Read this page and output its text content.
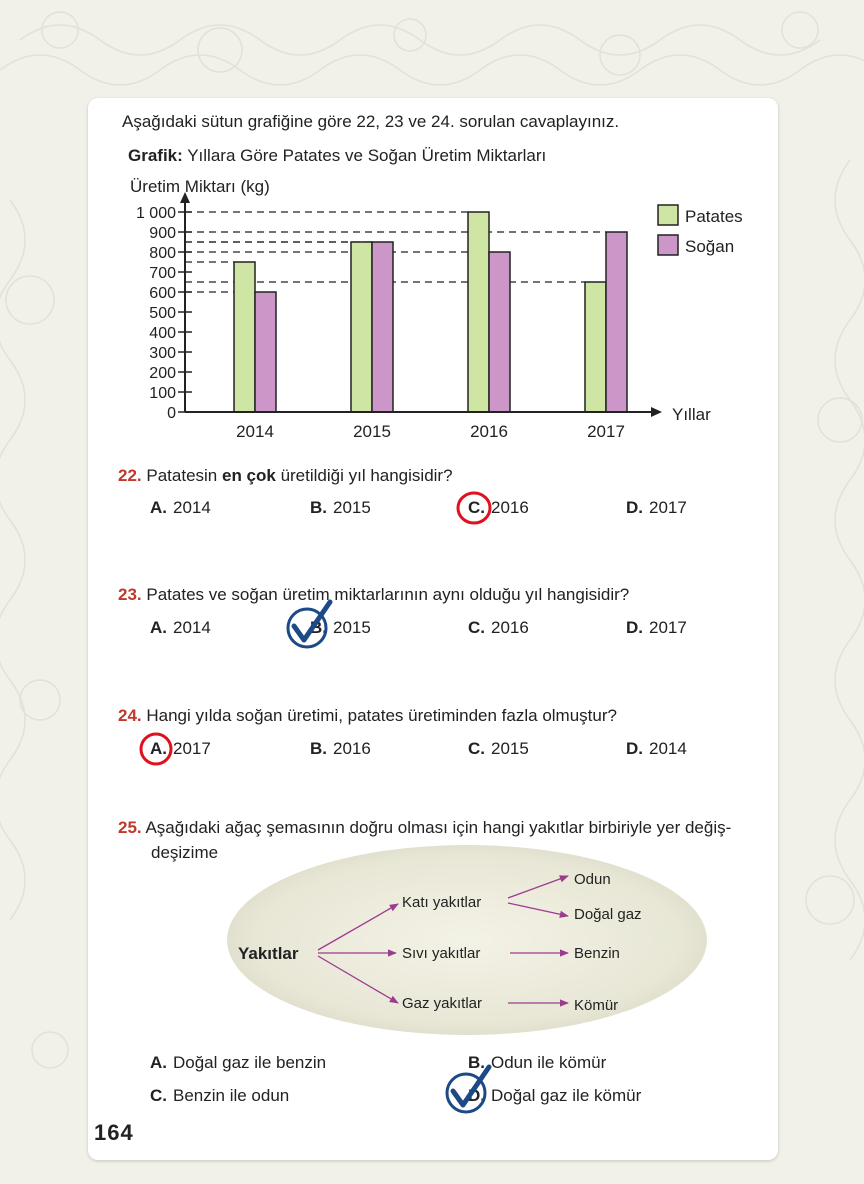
Aşağıdaki sütun grafiğine göre 22, 23 ve 24. sorulan cavaplayınız.
Grafik: Yıllara Göre Patates ve Soğan Üretim Miktarları
0
100
200
300
400
500
600
700
800
900
1 000
2014	2015	2016	2017
Üretim Miktarı (kg)
Yıllar
Patates
Soğan
22. Patatesin en çok üretildiği yıl hangisidir?
A. 2014	B. 2015	C. 2016	D. 2017
23. Patates ve soğan üretim miktarlarının aynı olduğu yıl hangisidir?
A. 2014	B. 2015	C. 2016	D. 2017
24. Hangi yılda soğan üretimi, patates üretiminden fazla olmuştur?
A. 2017	B. 2016	C. 2015	D. 2014
25. Aşağıdaki ağaç şemasının doğru olması için hangi yakıtlar birbiriyle yer değiş-
deşizime
Yakıtlar
Katı yakıtlar
Sıvı yakıtlar
Gaz yakıtlar
Odun
Doğal gaz
Benzin
Kömür
A. Doğal gaz ile benzin	B. Odun ile kömür
C. Benzin ile odun	D. Doğal gaz ile kömür
164
